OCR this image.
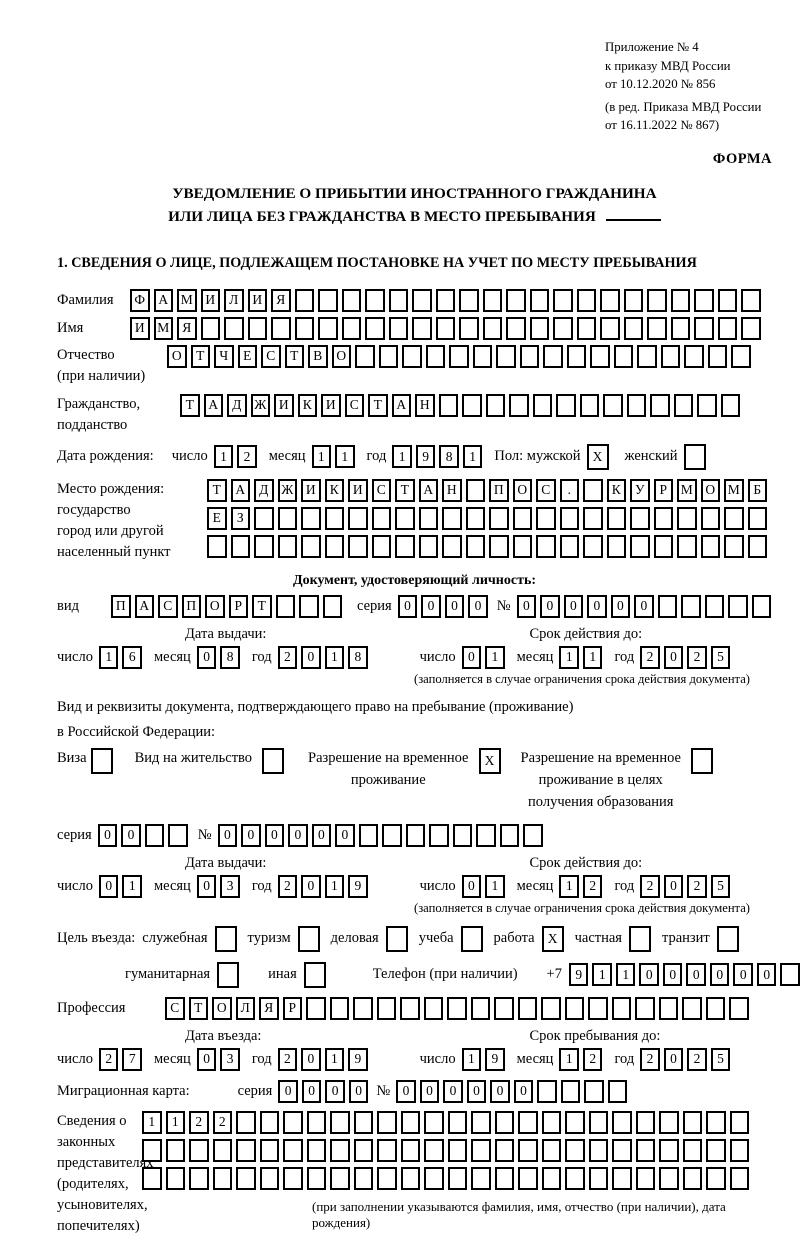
Приложение № 4
к приказу МВД России
от 10.12.2020 № 856
(в ред. Приказа МВД России
от 16.11.2022 № 867)
ФОРМА
УВЕДОМЛЕНИЕ О ПРИБЫТИИ ИНОСТРАННОГО ГРАЖДАНИНА
ИЛИ ЛИЦА БЕЗ ГРАЖДАНСТВА В МЕСТО ПРЕБЫВАНИЯ
1. СВЕДЕНИЯ О ЛИЦЕ, ПОДЛЕЖАЩЕМ ПОСТАНОВКЕ НА УЧЕТ ПО МЕСТУ ПРЕБЫВАНИЯ
Фамилия	Ф А М И	Л	И	Я
Имя	И М Я
Отчество
(при наличии)
О	Т	Ч	Е	С	Т	В	О
Гражданство,
подданство
Т	А	Д Ж И	К	И	С	Т	А	Н
Дата рождения: число 1	2	месяц 1	1	год 1	9	8	1	Пол: мужской X	женский
Место рождения:
государство
город или другой
населенный пункт
Т	А	Д Ж И	К	И	С	Т	А	Н	П	О	С	.	К	У	Р	М О М	Б
Е	З
Документ, удостоверяющий личность:
вид	П	А	С	П	О	Р	Т	серия 0	0	0	0	№ 0	0	0	0	0	0
Дата выдачи:	Срок действия до:
число 1	6	месяц 0	8	год 2	0	1	8	число 0	1	месяц 1	1	год 2	0	2	5
(заполняется в случае ограничения срока действия документа)
Вид и реквизиты документа, подтверждающего право на пребывание (проживание)
в Российской Федерации:
Виза	Вид на жительство	Разрешение на временное
проживание
X	Разрешение на временное
проживание в целях
получения образования
серия 0	0	№ 0	0	0	0	0	0
Дата выдачи:	Срок действия до:
число 0	1	месяц 0	3	год 2	0	1	9	число 0	1	месяц 1	2	год 2	0	2	5
(заполняется в случае ограничения срока действия документа)
Цель въезда: служебная	туризм	деловая	учеба	работа X	частная	транзит
гуманитарная	иная	Телефон (при наличии) +7 9	1	1	0	0	0	0	0	0
Профессия	С	Т	О	Л	Я	Р
Дата въезда:	Срок пребывания до:
число 2	7	месяц 0	3	год 2	0	1	9	число 1	9	месяц 1	2	год 2	0	2	5
Миграционная карта:	серия 0	0	0	0 № 0	0	0	0	0	0
Сведения о
законных
представителях
(родителях,
усыновителях,
попечителях)
1	1	2	2
(при заполнении указываются фамилия, имя, отчество (при наличии), дата рождения)
